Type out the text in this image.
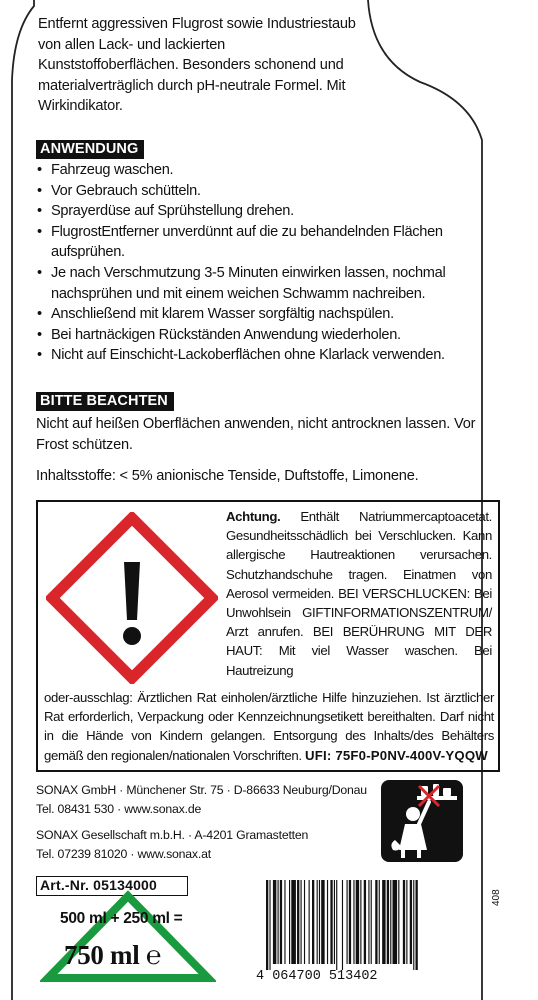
Entfernt aggressiven Flugrost sowie Industriestaub von allen Lack- und lackierten Kunststoffoberflächen. Besonders schonend und materialverträglich durch pH-neutrale Formel. Mit Wirkindikator.
ANWENDUNG
• Fahrzeug waschen.
• Vor Gebrauch schütteln.
• Sprayerdüse auf Sprühstellung drehen.
• FlugrostEntferner unverdünnt auf die zu behandelnden Flächen aufsprühen.
• Je nach Verschmutzung 3-5 Minuten einwirken lassen, nochmal nachsprühen und mit einem weichen Schwamm nachreiben.
• Anschließend mit klarem Wasser sorgfältig nachspülen.
• Bei hartnäckigen Rückständen Anwendung wiederholen.
• Nicht auf Einschicht-Lackoberflächen ohne Klarlack verwenden.
BITTE BEACHTEN
Nicht auf heißen Oberflächen anwenden, nicht antrocknen lassen. Vor Frost schützen.
Inhaltsstoffe: < 5% anionische Tenside, Duftstoffe, Limonene.
Achtung. Enthält Natriummercaptoacetat. Gesundheitsschädlich bei Verschlucken. Kann allergische Hautreaktionen verursachen. Schutzhandschuhe tragen. Einatmen von Aerosol vermeiden. BEI VERSCHLUCKEN: Bei Unwohlsein GIFTINFORMATIONSZENTRUM/ Arzt anrufen. BEI BERÜHRUNG MIT DER HAUT: Mit viel Wasser waschen. Bei Hautreizung
oder-ausschlag: Ärztlichen Rat einholen/ärztliche Hilfe hinzuziehen. Ist ärztlicher Rat erforderlich, Verpackung oder Kennzeichnungsetikett bereithalten. Darf nicht in die Hände von Kindern gelangen. Entsorgung des Inhalts/des Behälters gemäß den regionalen/nationalen Vorschriften. UFI: 75F0-P0NV-400V-YQQW
SONAX GmbH · Münchener Str. 75 · D-86633 Neuburg/Donau
Tel. 08431 530 · www.sonax.de
SONAX Gesellschaft m.b.H. · A-4201 Gramastetten
Tel. 07239 81020 · www.sonax.at
Art.-Nr. 05134000
500 ml + 250 ml =
750 ml ℮
4 064700 513402
408
